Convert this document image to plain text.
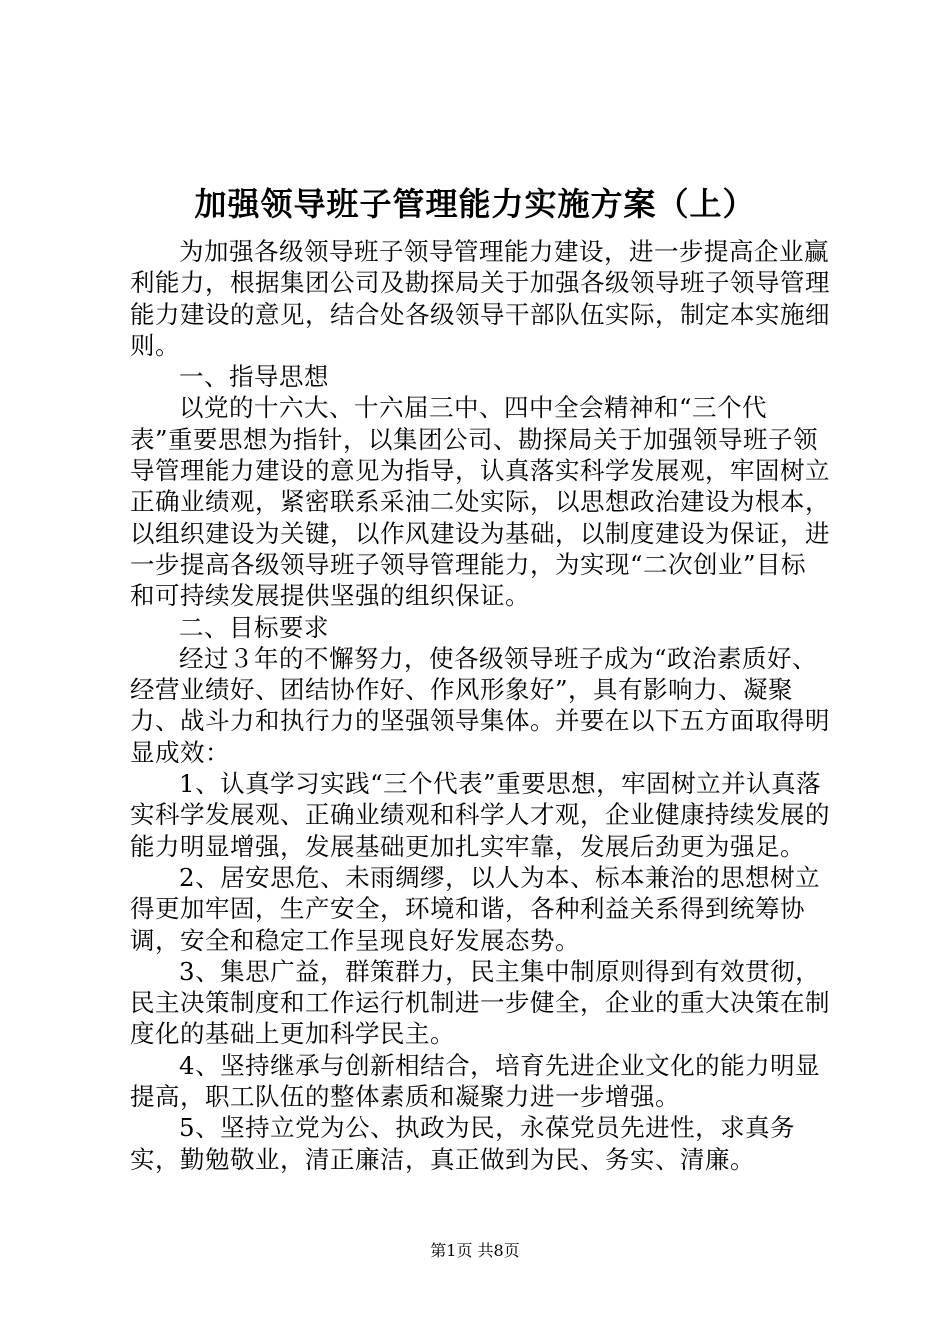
加强领导班子管理能力实施方案（上）

为加强各级领导班子领导管理能力建设，进一步提高企业赢利能力，根据集团公司及勘探局关于加强各级领导班子领导管理能力建设的意见，结合处各级领导干部队伍实际，制定本实施细则。

一、指导思想

以党的十六大、十六届三中、四中全会精神和“三个代表”重要思想为指针，以集团公司、勘探局关于加强领导班子领导管理能力建设的意见为指导，认真落实科学发展观，牢固树立正确业绩观，紧密联系采油二处实际，以思想政治建设为根本，以组织建设为关键，以作风建设为基础，以制度建设为保证，进一步提高各级领导班子领导管理能力，为实现“二次创业”目标和可持续发展提供坚强的组织保证。

二、目标要求

经过３年的不懈努力，使各级领导班子成为“政治素质好、经营业绩好、团结协作好、作风形象好”，具有影响力、凝聚力、战斗力和执行力的坚强领导集体。并要在以下五方面取得明显成效：

1、认真学习实践“三个代表”重要思想，牢固树立并认真落实科学发展观、正确业绩观和科学人才观，企业健康持续发展的能力明显增强，发展基础更加扎实牢靠，发展后劲更为强足。

2、居安思危、未雨绸缪，以人为本、标本兼治的思想树立得更加牢固，生产安全，环境和谐，各种利益关系得到统筹协调，安全和稳定工作呈现良好发展态势。

3、集思广益，群策群力，民主集中制原则得到有效贯彻，民主决策制度和工作运行机制进一步健全，企业的重大决策在制度化的基础上更加科学民主。

4、坚持继承与创新相结合，培育先进企业文化的能力明显提高，职工队伍的整体素质和凝聚力进一步增强。

5、坚持立党为公、执政为民，永葆党员先进性，求真务实，勤勉敬业，清正廉洁，真正做到为民、务实、清廉。

第1页 共8页
